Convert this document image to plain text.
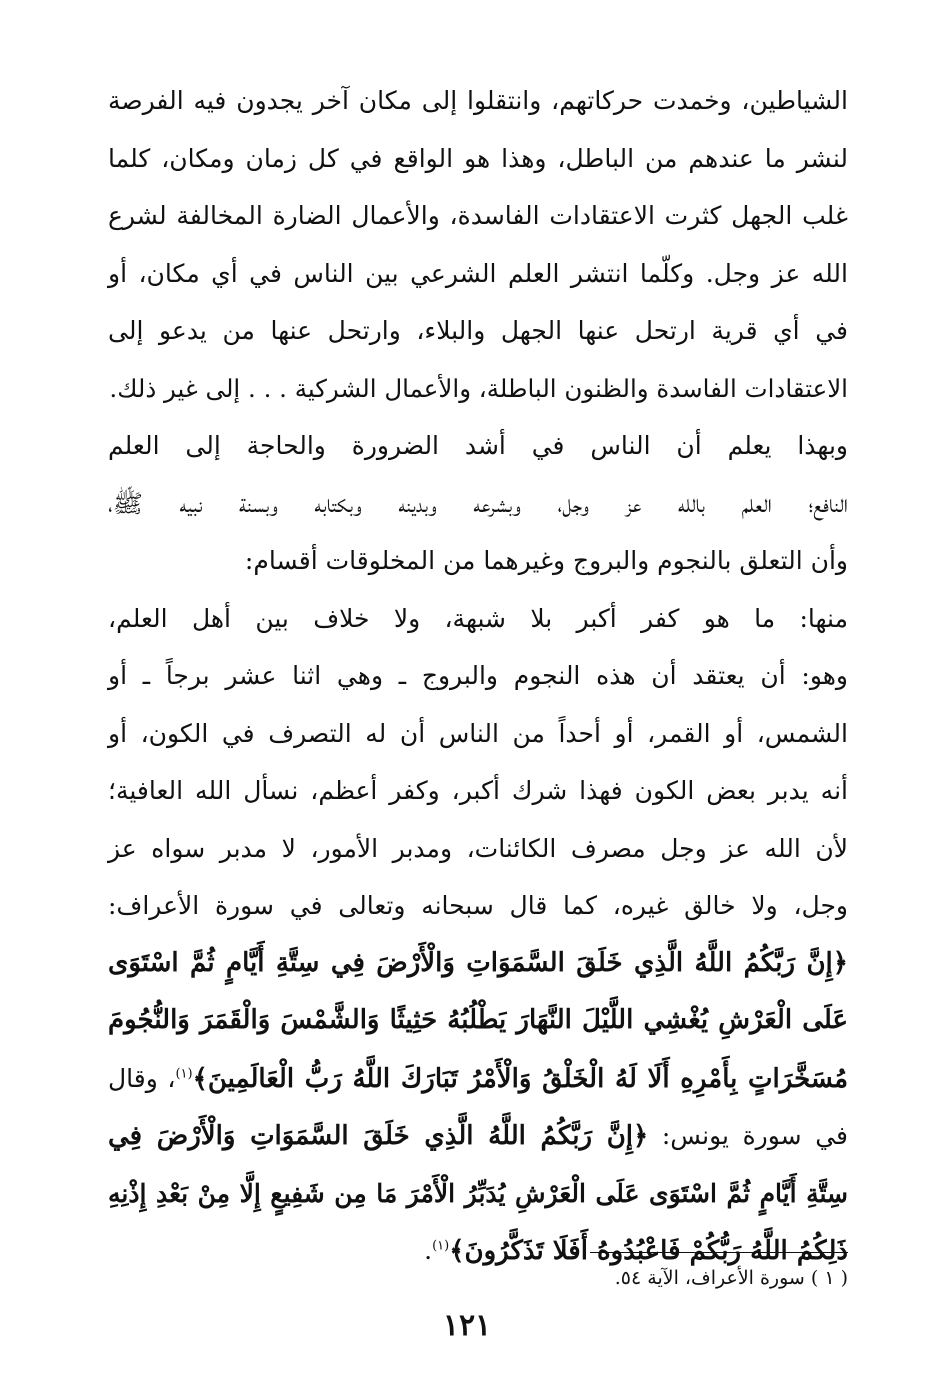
الشياطين، وخمدت حركاتهم، وانتقلوا إلى مكان آخر يجدون فيه الفرصة
لنشر ما عندهم من الباطل، وهذا هو الواقع في كل زمان ومكان، كلما
غلب الجهل كثرت الاعتقادات الفاسدة، والأعمال الضارة المخالفة لشرع
الله عز وجل. وكلّما انتشر العلم الشرعي بين الناس في أي مكان، أو
في أي قرية ارتحل عنها الجهل والبلاء، وارتحل عنها من يدعو إلى
الاعتقادات الفاسدة والظنون الباطلة، والأعمال الشركية . . . إلى غير ذلك.
وبهذا يعلم أن الناس في أشد الضرورة والحاجة إلى العلم
النافع؛ العلم بالله عز وجل، وبشرعه وبدينه وبكتابه وبسنة نبيه ﷺ،
وأن التعلق بالنجوم والبروج وغيرهما من المخلوقات أقسام:
منها: ما هو كفر أكبر بلا شبهة، ولا خلاف بين أهل العلم،
وهو: أن يعتقد أن هذه النجوم والبروج ـ وهي اثنا عشر برجاً ـ أو
الشمس، أو القمر، أو أحداً من الناس أن له التصرف في الكون، أو
أنه يدبر بعض الكون فهذا شرك أكبر، وكفر أعظم، نسأل الله العافية؛
لأن الله عز وجل مصرف الكائنات، ومدبر الأمور، لا مدبر سواه عز
وجل، ولا خالق غيره، كما قال سبحانه وتعالى في سورة الأعراف:
﴿إِنَّ رَبَّكُمُ اللَّهُ الَّذِي خَلَقَ السَّمَوَاتِ وَالْأَرْضَ فِي سِتَّةِ أَيَّامٍ ثُمَّ اسْتَوَى
عَلَى الْعَرْشِ يُغْشِي اللَّيْلَ النَّهَارَ يَطْلُبُهُ حَثِيثًا وَالشَّمْسَ وَالْقَمَرَ وَالنُّجُومَ
مُسَخَّرَاتٍ بِأَمْرِهِ أَلَا لَهُ الْخَلْقُ وَالْأَمْرُ تَبَارَكَ اللَّهُ رَبُّ الْعَالَمِينَ﴾$^{(١)}$، وقال
في سورة يونس: ﴿إِنَّ رَبَّكُمُ اللَّهُ الَّذِي خَلَقَ السَّمَوَاتِ وَالْأَرْضَ فِي
سِتَّةِ أَيَّامٍ ثُمَّ اسْتَوَى عَلَى الْعَرْشِ يُدَبِّرُ الْأَمْرَ مَا مِن شَفِيعٍ إِلَّا مِنْ بَعْدِ إِذْنِهِ
ذَلِكُمُ اللَّهُ رَبُّكُمْ فَاعْبُدُوهُ أَفَلَا تَذَكَّرُونَ﴾$^{(١)}$.
( ١ ) سورة الأعراف، الآية ٥٤.
١٢١
